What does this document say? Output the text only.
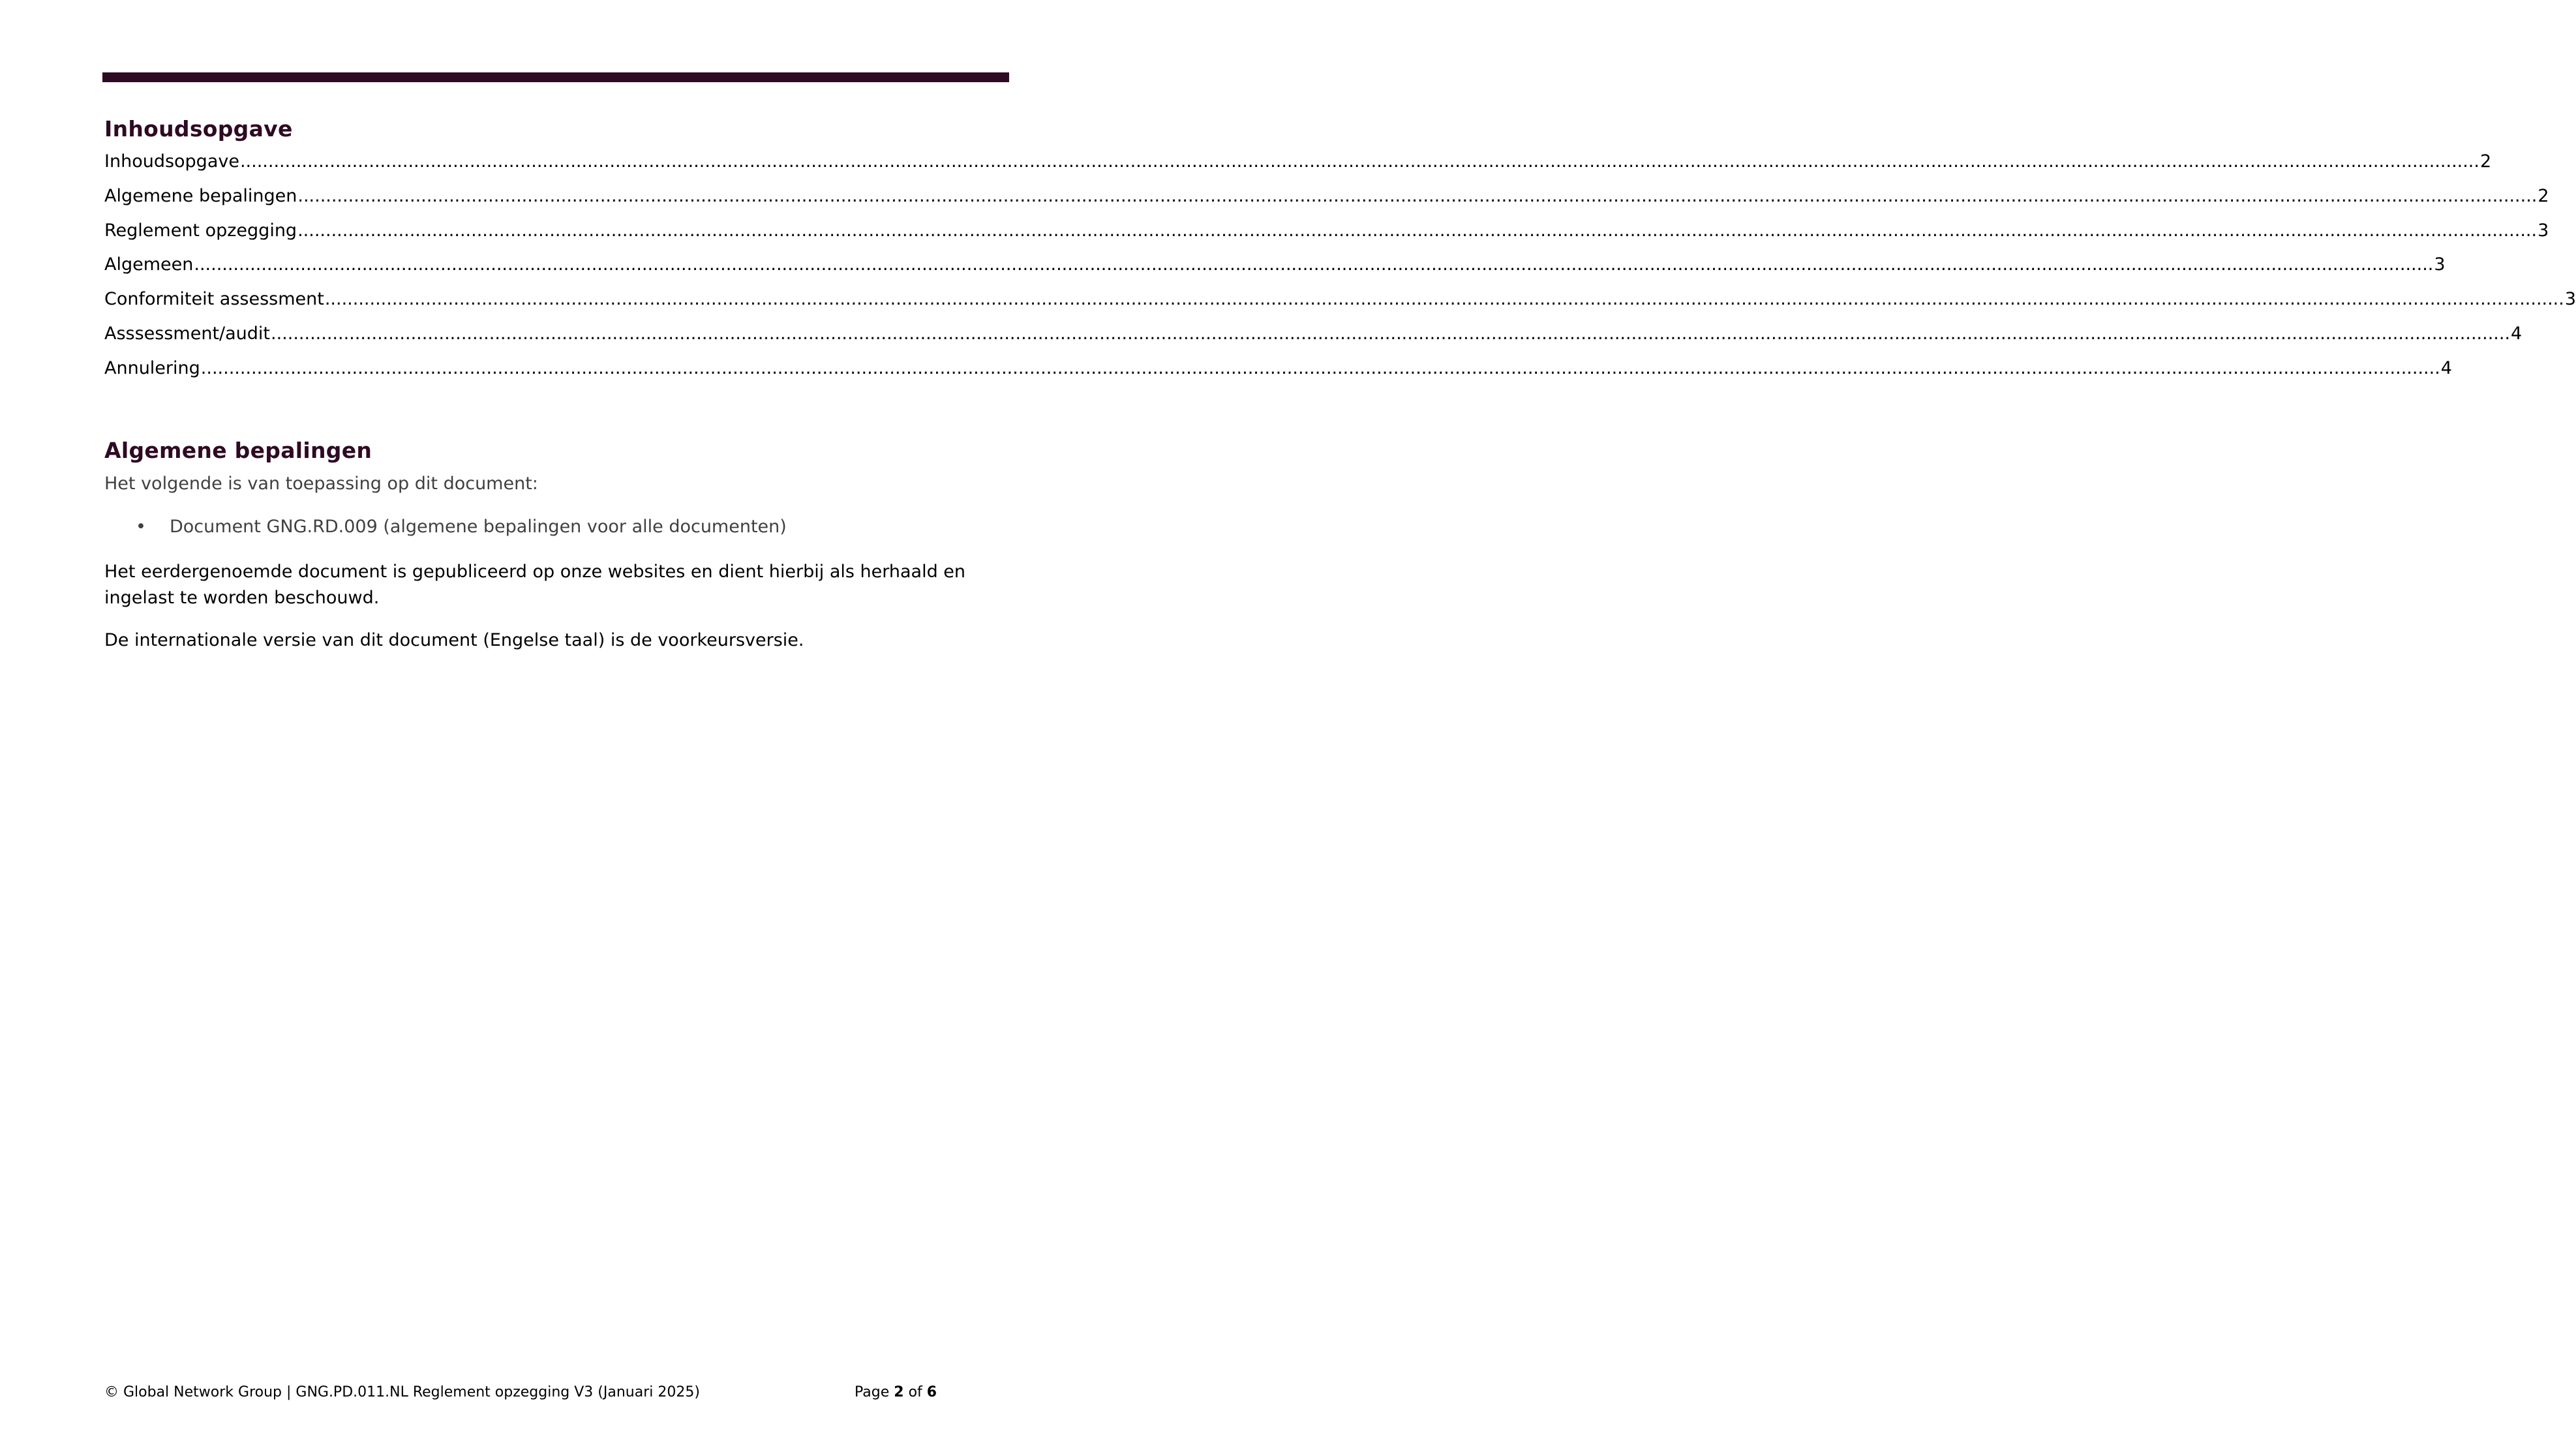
Inhoudsopgave
Inhoudsopgave ................................................................................................................................................................................................................................................................................................................................................................................................................ 2
Algemene bepalingen ................................................................................................................................................................................................................................................................................................................................................................................................................ 2
Reglement opzegging ................................................................................................................................................................................................................................................................................................................................................................................................................ 3
Algemeen ................................................................................................................................................................................................................................................................................................................................................................................................................ 3
Conformiteit assessment ................................................................................................................................................................................................................................................................................................................................................................................................................ 3
Asssessment/audit ................................................................................................................................................................................................................................................................................................................................................................................................................ 4
Annulering ................................................................................................................................................................................................................................................................................................................................................................................................................ 4
Algemene bepalingen

Het volgende is van toepassing op dit document:

• Document GNG.RD.009 (algemene bepalingen voor alle documenten)

Het eerdergenoemde document is gepubliceerd op onze websites en dient hierbij als herhaald en ingelast te worden beschouwd.

De internationale versie van dit document (Engelse taal) is de voorkeursversie.

© Global Network Group | GNG.PD.011.NL Reglement opzegging V3 (Januari 2025)	Page 2 of 6
